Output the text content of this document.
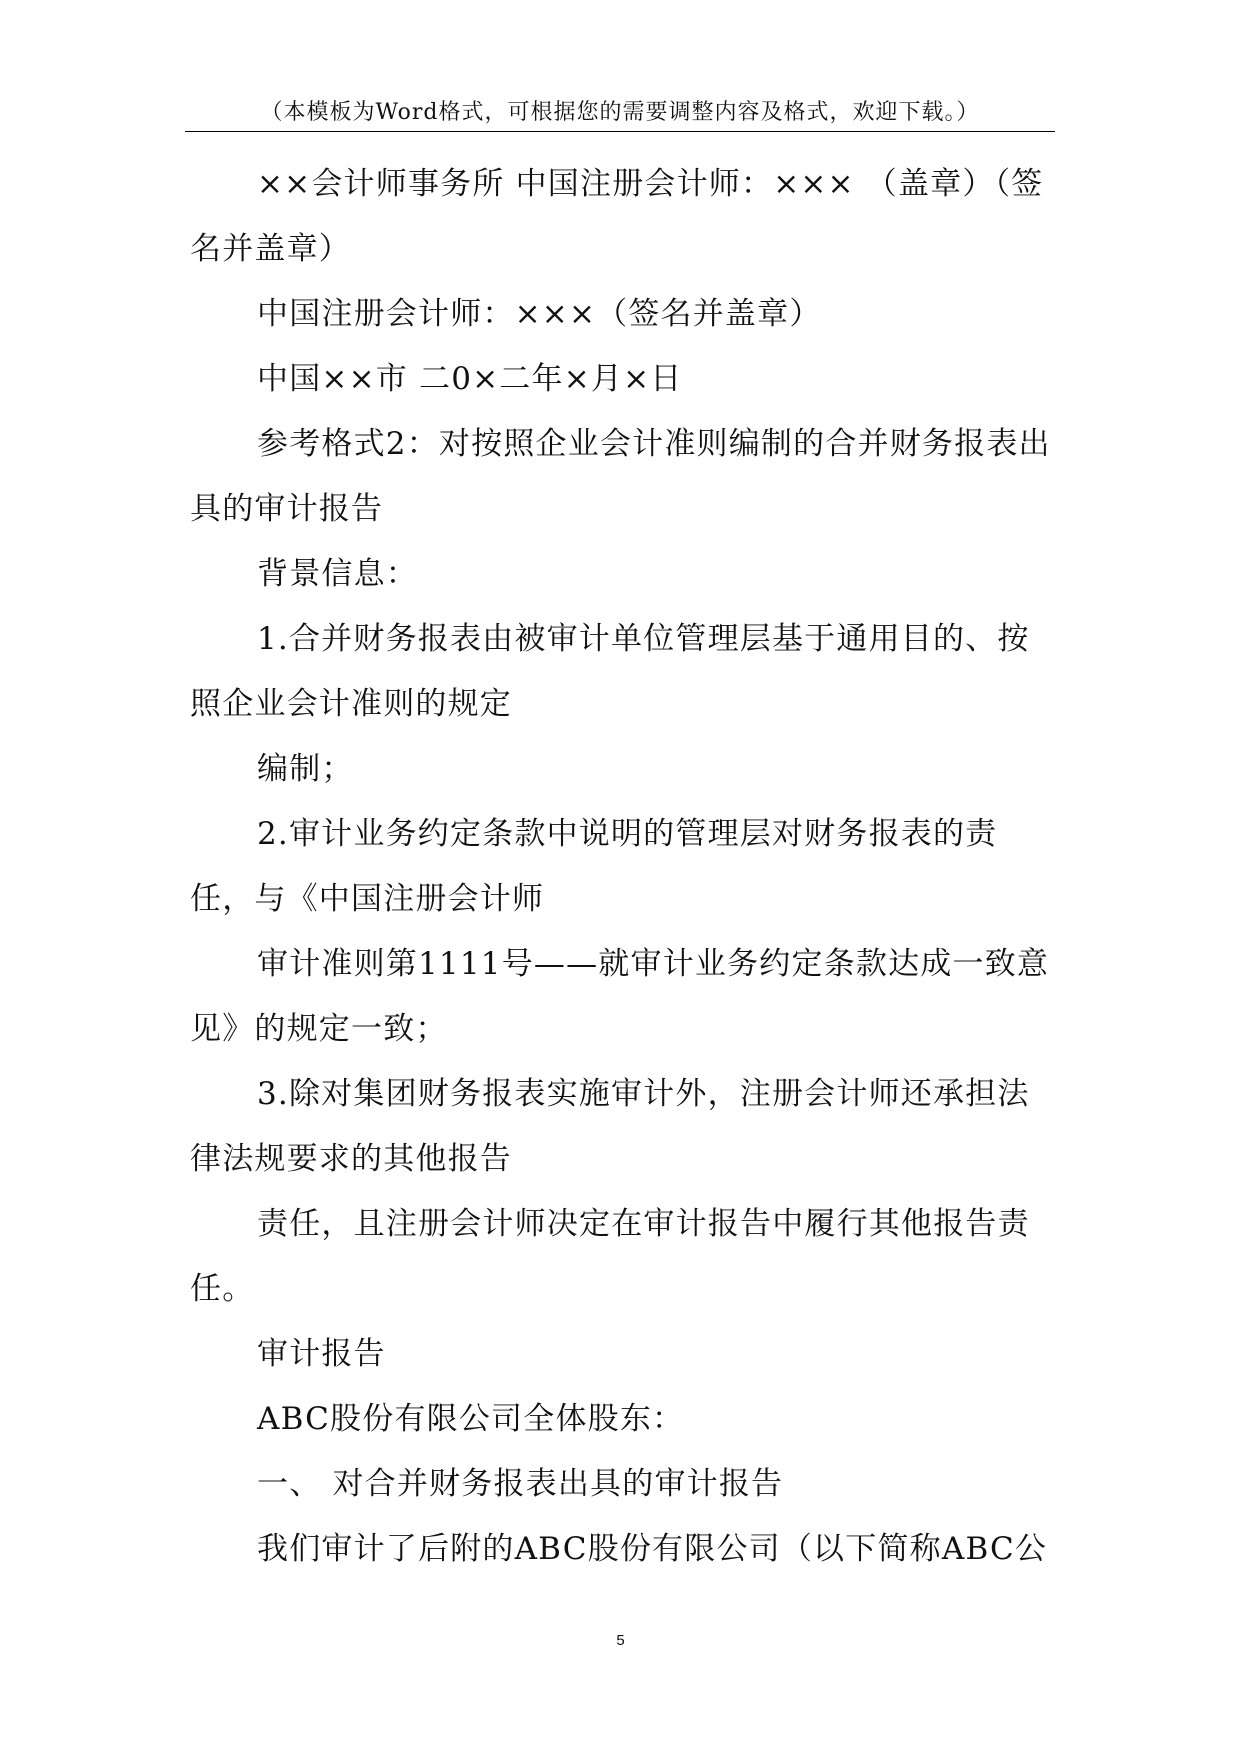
（本模板为Word格式，可根据您的需要调整内容及格式，欢迎下载。）

××会计师事务所 中国注册会计师：××× （盖章）（签名并盖章）

中国注册会计师：×××（签名并盖章）

中国××市 二0×二年×月×日

参考格式2：对按照企业会计准则编制的合并财务报表出具的审计报告

背景信息：

1.合并财务报表由被审计单位管理层基于通用目的、按照企业会计准则的规定

编制；

2.审计业务约定条款中说明的管理层对财务报表的责任，与《中国注册会计师

审计准则第1111号——就审计业务约定条款达成一致意见》的规定一致；

3.除对集团财务报表实施审计外，注册会计师还承担法律法规要求的其他报告

责任，且注册会计师决定在审计报告中履行其他报告责任。

审计报告

ABC股份有限公司全体股东：

一、 对合并财务报表出具的审计报告

我们审计了后附的ABC股份有限公司（以下简称ABC公

5
